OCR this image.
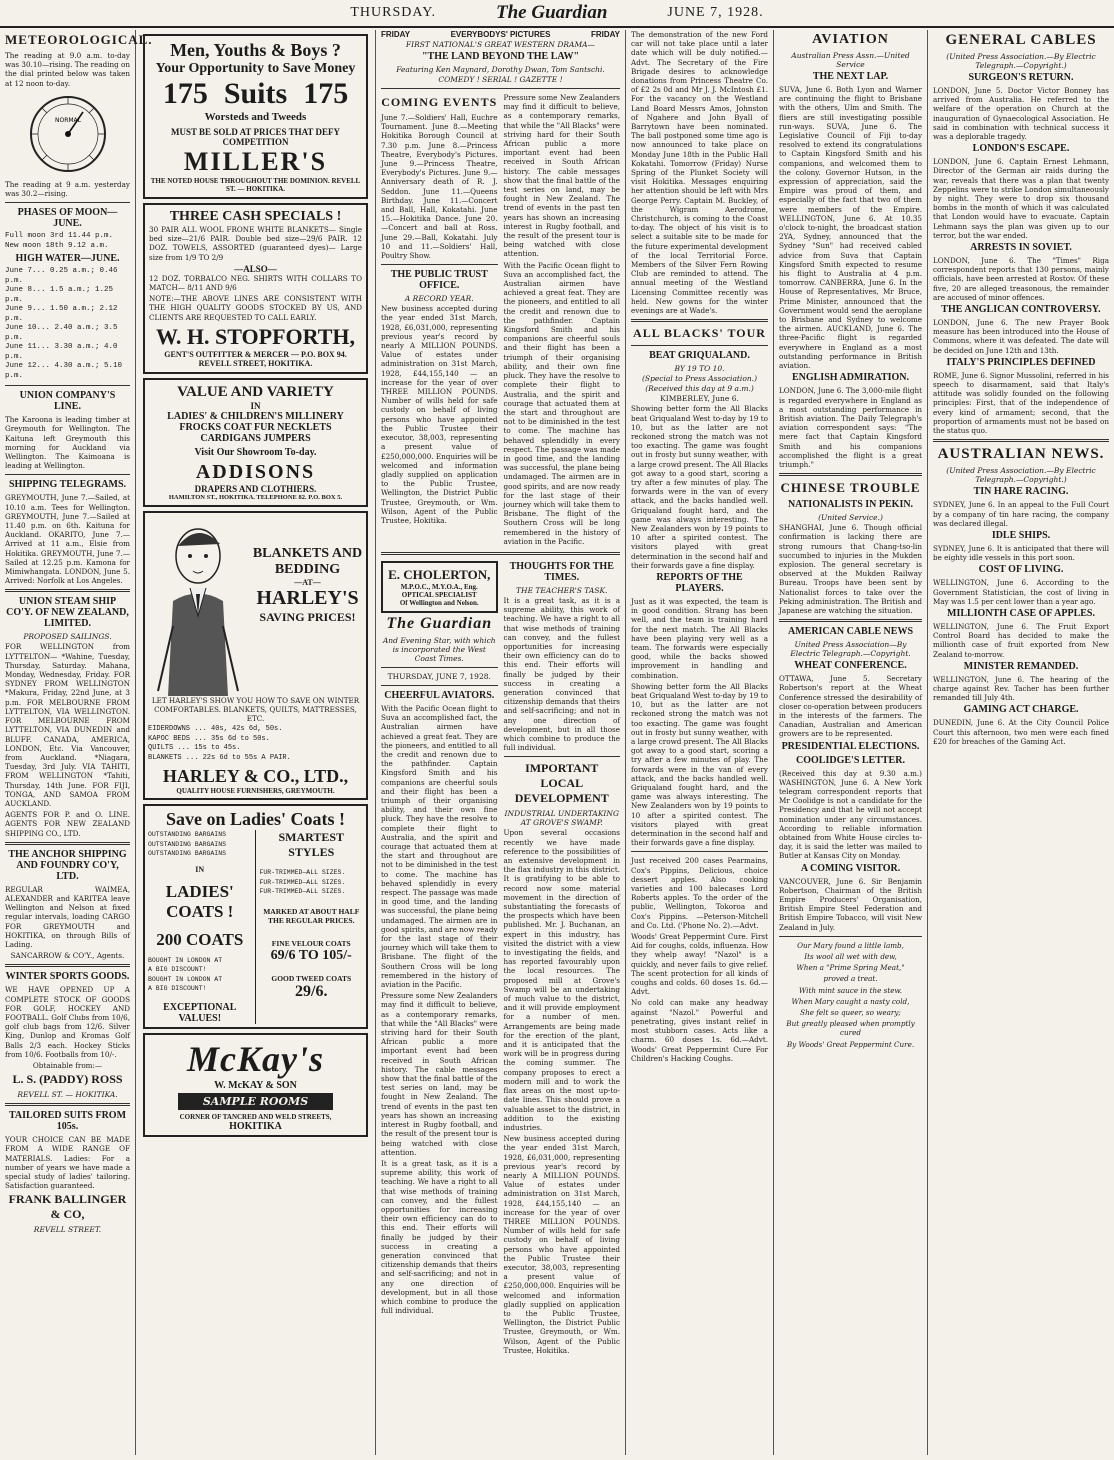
THURSDAY.	The Guardian	JUNE 7, 1928.
METEOROLOGICAL.

The reading at 9.0 a.m. to-day was 30.10—rising. The reading on the dial printed below was taken at 12 noon to-day.

NORMAL

The reading at 9 a.m. yesterday was 30.2—rising.

PHASES OF MOON—JUNE.
Full moon 3rd 11.44 p.m.
New moon 18th 9.12 a.m.
HIGH WATER—JUNE.
June 7... 0.25 a.m.; 0.46 p.m.
June 8... 1.5 a.m.; 1.25 p.m.
June 9... 1.50 a.m.; 2.12 p.m.
June 10... 2.40 a.m.; 3.5 p.m.
June 11... 3.30 a.m.; 4.0 p.m.
June 12... 4.30 a.m.; 5.10 p.m.
UNION COMPANY'S LINE.

The Karoona is leading timber at Greymouth for Wellington. The Kaituna left Greymouth this morning for Auckland via Wellington. The Kaimoana is leading at Wellington.

SHIPPING TELEGRAMS.

GREYMOUTH, June 7.—Sailed, at 10.10 a.m. Tees for Wellington. GREYMOUTH, June 7.—Sailed at 11.40 p.m. on 6th. Kaituna for Auckland. OKARITO, June 7.—Arrived at 11 a.m., Elsie from Hokitika. GREYMOUTH, June 7.—Sailed at 12.25 p.m. Kamona for Mimiwhangata. LONDON, June 5. Arrived: Norfolk at Los Angeles.

UNION STEAM SHIP CO'Y. OF NEW ZEALAND, LIMITED.
PROPOSED SAILINGS.

FOR WELLINGTON from LYTTELTON— *Wahine, Tuesday, Thursday, Saturday. Mahana, Monday, Wednesday, Friday. FOR SYDNEY FROM WELLINGTON *Makura, Friday, 22nd June, at 3 p.m. FOR MELBOURNE FROM LYTTELTON, VIA WELLINGTON. FOR MELBOURNE FROM LYTTELTON, VIA DUNEDIN and BLUFF. CANADA, AMERICA, LONDON, Etc. Via Vancouver, from Auckland. *Niagara, Tuesday, 3rd July. VIA TAHITI, FROM WELLINGTON *Tahiti, Thursday, 14th June. FOR FIJI, TONGA, AND SAMOA FROM AUCKLAND.

AGENTS FOR P. and O. LINE. AGENTS FOR NEW ZEALAND SHIPPING CO., LTD.

THE ANCHOR SHIPPING AND FOUNDRY CO'Y, LTD.

REGULAR WAIMEA, ALEXANDER and KARITEA leave Wellington and Nelson at fixed regular intervals, loading CARGO FOR GREYMOUTH and HOKITIKA, on through Bills of Lading.

SANCARROW & CO'Y., Agents.

WINTER SPORTS GOODS.

WE HAVE OPENED UP A COMPLETE STOCK OF GOODS FOR GOLF, HOCKEY AND FOOTBALL. Golf Clubs from 10/6, golf club bags from 12/6. Silver King, Dunlop and Kromas Golf Balls 2/3 each. Hockey Sticks from 10/6. Footballs from 10/-.

Obtainable from:—

L. S. (PADDY) ROSS
REVELL ST. — HOKITIKA.
TAILORED SUITS FROM 105s.

YOUR CHOICE CAN BE MADE FROM A WIDE RANGE OF MATERIALS. Ladies: For a number of years we have made a special study of ladies' tailoring. Satisfaction guaranteed.

FRANK BALLINGER & CO,
REVELL STREET.
Men, Youths & Boys ?
Your Opportunity to Save Money
175 Suits 175
Worsteds and Tweeds
MUST BE SOLD AT PRICES THAT DEFY COMPETITION
MILLER'S
THE NOTED HOUSE THROUGHOUT THE DOMINION. REVELL ST. — HOKITIKA.
THREE CASH SPECIALS !

30 PAIR ALL WOOL FRONE WHITE BLANKETS— Single bed size—21/6 PAIR. Double bed size—29/6 PAIR. 12 DOZ. TOWELS, ASSORTED (guaranteed dyes)— Large size from 1/9 TO 2/9

—ALSO—

12 DOZ. TORBALCO NEG. SHIRTS WITH COLLARS TO MATCH— 8/11 AND 9/6

NOTE:—THE ABOVE LINES ARE CONSISTENT WITH THE HIGH QUALITY GOODS STOCKED BY US, AND CLIENTS ARE REQUESTED TO CALL EARLY.

W. H. STOPFORTH,
GENT'S OUTFITTER & MERCER — P.O. BOX 94. REVELL STREET, HOKITIKA.
VALUE AND VARIETY
IN
LADIES' & CHILDREN'S MILLINERY FROCKS COAT FUR NECKLETS CARDIGANS JUMPERS
Visit Our Showroom To-day.
ADDISONS
DRAPERS AND CLOTHIERS.
HAMILTON ST., HOKITIKA. TELEPHONE 82. P.O. BOX 5.
BLANKETS AND BEDDING
—AT—
HARLEY'S
SAVING PRICES!

LET HARLEY'S SHOW YOU HOW TO SAVE ON WINTER COMFORTABLES. BLANKETS, QUILTS, MATTRESSES, ETC.

EIDERDOWNS ... 40s, 42s 6d, 50s.
KAPOC BEDS ... 35s 6d to 50s.
QUILTS ... 15s to 45s.
BLANKETS ... 22s 6d to 55s A PAIR.
HARLEY & CO., LTD.,
QUALITY HOUSE FURNISHERS, GREYMOUTH.
Save on Ladies' Coats !
OUTSTANDING BARGAINS
OUTSTANDING BARGAINS
OUTSTANDING BARGAINS
IN
LADIES' COATS !
200 COATS
BOUGHT IN LONDON AT
A BIG DISCOUNT!
BOUGHT IN LONDON AT
A BIG DISCOUNT!
EXCEPTIONAL VALUES!
SMARTEST STYLES
FUR-TRIMMED—ALL SIZES.
FUR-TRIMMED—ALL SIZES.
FUR-TRIMMED—ALL SIZES.
MARKED AT ABOUT HALF THE REGULAR PRICES.
FINE VELOUR COATS
69/6 TO 105/-
GOOD TWEED COATS
29/6.
McKay's
W. McKAY & SON
SAMPLE ROOMS
CORNER OF TANCRED AND WELD STREETS,
HOKITIKA
FRIDAY	EVERYBODYS' PICTURES	FRIDAY
FIRST NATIONAL'S GREAT WESTERN DRAMA—
"THE LAND BEYOND THE LAW"
Featuring Ken Maynard, Dorothy Dwan, Tom Santschi.
COMEDY ! SERIAL ! GAZETTE !
COMING EVENTS

June 7.—Soldiers' Hall, Euchre Tournament. June 8.—Meeting Hokitika Borough Council at 7.30 p.m. June 8.—Princess Theatre, Everybody's Pictures. June 9.—Princess Theatre, Everybody's Pictures. June 9.—Anniversary death of R. J. Seddon. June 11.—Queens Birthday. June 11.—Concert and Ball, Hall, Kokatahi. June 15.—Hokitika Dance. June 20.—Concert and ball at Ross. June 29.—Ball, Kokatahi. July 10 and 11.—Soldiers' Hall, Poultry Show.

THE PUBLIC TRUST OFFICE.
A RECORD YEAR.

New business accepted during the year ended 31st March, 1928, £6,031,000, representing previous year's record by nearly A MILLION POUNDS. Value of estates under administration on 31st March, 1928, £44,155,140 — an increase for the year of over THREE MILLION POUNDS. Number of wills held for safe custody on behalf of living persons who have appointed the Public Trustee their executor, 38,003, representing a present value of £250,000,000. Enquiries will be welcomed and information gladly supplied on application to the Public Trustee, Wellington, the District Public Trustee, Greymouth, or Wm. Wilson, Agent of the Public Trustee, Hokitika.

Pressure some New Zealanders may find it difficult to believe, as a contemporary remarks, that while the "All Blacks" were striving hard for their South African public a more important event had been received in South African history. The cable messages show that the final battle of the test series on land, may be fought in New Zealand. The trend of events in the past ten years has shown an increasing interest in Rugby football, and the result of the present tour is being watched with close attention.

With the Pacific Ocean flight to Suva an accomplished fact, the Australian airmen have achieved a great feat. They are the pioneers, and entitled to all the credit and renown due to the pathfinder. Captain Kingsford Smith and his companions are cheerful souls and their flight has been a triumph of their organising ability, and their own fine pluck. They have the resolve to complete their flight to Australia, and the spirit and courage that actuated them at the start and throughout are not to be diminished in the test to come. The machine has behaved splendidly in every respect. The passage was made in good time, and the landing was successful, the plane being undamaged. The airmen are in good spirits, and are now ready for the last stage of their journey which will take them to Brisbane. The flight of the Southern Cross will be long remembered in the history of aviation in the Pacific.

E. CHOLERTON,
M.P.O.C., M.Y.O.A., Eng. OPTICAL SPECIALIST
Of Wellington and Nelson.
The Guardian
And Evening Star, with which is incorporated the West Coast Times.
THURSDAY, JUNE 7, 1928.
CHEERFUL AVIATORS.

With the Pacific Ocean flight to Suva an accomplished fact, the Australian airmen have achieved a great feat. They are the pioneers, and entitled to all the credit and renown due to the pathfinder. Captain Kingsford Smith and his companions are cheerful souls and their flight has been a triumph of their organising ability, and their own fine pluck. They have the resolve to complete their flight to Australia, and the spirit and courage that actuated them at the start and throughout are not to be diminished in the test to come. The machine has behaved splendidly in every respect. The passage was made in good time, and the landing was successful, the plane being undamaged. The airmen are in good spirits, and are now ready for the last stage of their journey which will take them to Brisbane. The flight of the Southern Cross will be long remembered in the history of aviation in the Pacific.

Pressure some New Zealanders may find it difficult to believe, as a contemporary remarks, that while the "All Blacks" were striving hard for their South African public a more important event had been received in South African history. The cable messages show that the final battle of the test series on land, may be fought in New Zealand. The trend of events in the past ten years has shown an increasing interest in Rugby football, and the result of the present tour is being watched with close attention.

It is a great task, as it is a supreme ability, this work of teaching. We have a right to all that wise methods of training can convey, and the fullest opportunities for increasing their own efficiency can do to this end. Their efforts will finally be judged by their success in creating a generation convinced that citizenship demands that theirs and self-sacrificing; and not in any one direction of development, but in all those which combine to produce the full individual.

THOUGHTS FOR THE TIMES.
THE TEACHER'S TASK.

It is a great task, as it is a supreme ability, this work of teaching. We have a right to all that wise methods of training can convey, and the fullest opportunities for increasing their own efficiency can do to this end. Their efforts will finally be judged by their success in creating a generation convinced that citizenship demands that theirs and self-sacrificing; and not in any one direction of development, but in all those which combine to produce the full individual.

IMPORTANT LOCAL DEVELOPMENT
INDUSTRIAL UNDERTAKING AT GROVE'S SWAMP.

Upon several occasions recently we have made reference to the possibilities of an extensive development in the flax industry in this district. It is gratifying to be able to record now some material movement in the direction of substantiating the forecasts of the prospects which have been published. Mr. J. Buchanan, an expert in this industry, has visited the district with a view to investigating the fields, and has reported favourably upon the local resources. The proposed mill at Grove's Swamp will be an undertaking of much value to the district, and it will provide employment for a number of men. Arrangements are being made for the erection of the plant, and it is anticipated that the work will be in progress during the coming summer. The company proposes to erect a modern mill and to work the flax areas on the most up-to-date lines. This should prove a valuable asset to the district, in addition to the existing industries.

New business accepted during the year ended 31st March, 1928, £6,031,000, representing previous year's record by nearly A MILLION POUNDS. Value of estates under administration on 31st March, 1928, £44,155,140 — an increase for the year of over THREE MILLION POUNDS. Number of wills held for safe custody on behalf of living persons who have appointed the Public Trustee their executor, 38,003, representing a present value of £250,000,000. Enquiries will be welcomed and information gladly supplied on application to the Public Trustee, Wellington, the District Public Trustee, Greymouth, or Wm. Wilson, Agent of the Public Trustee, Hokitika.

The demonstration of the new Ford car will not take place until a later date which will be duly notified.—Advt. The Secretary of the Fire Brigade desires to acknowledge donations from Princess Theatre Co. of £2 2s 0d and Mr J. J. McIntosh £1. For the vacancy on the Westland Land Board Messrs Amos, Johnston of Ngahere and John Byall of Barrytown have been nominated. The ball postponed some time ago is now announced to take place on Monday June 18th in the Public Hall Kokatahi. Tomorrow (Friday) Nurse Spring of the Plunket Society will visit Hokitika. Messages enquiring her attention should be left with Mrs George Perry. Captain M. Buckley, of the Wigram Aerodrome, Christchurch, is coming to the Coast to-day. The object of his visit is to select a suitable site to be made for the future experimental development of the local Territorial Force. Members of the Silver Fern Rowing Club are reminded to attend. The annual meeting of the Westland Licensing Committee recently was held. New gowns for the winter evenings are at Wade's.

ALL BLACKS' TOUR
BEAT GRIQUALAND.
BY 19 TO 10.
(Special to Press Association.)
(Received this day at 9 a.m.)
KIMBERLEY, June 6.

Showing better form the All Blacks beat Griqualand West to-day by 19 to 10, but as the latter are not reckoned strong the match was not too exacting. The game was fought out in frosty but sunny weather, with a large crowd present. The All Blacks got away to a good start, scoring a try after a few minutes of play. The forwards were in the van of every attack, and the backs handled well. Griqualand fought hard, and the game was always interesting. The New Zealanders won by 19 points to 10 after a spirited contest. The visitors played with great determination in the second half and their forwards gave a fine display.

REPORTS OF THE PLAYERS.

Just as it was expected, the team is in good condition. Strang has been well, and the team is training hard for the next match. The All Blacks have been playing very well as a team. The forwards were especially good, while the backs showed improvement in handling and combination.

Showing better form the All Blacks beat Griqualand West to-day by 19 to 10, but as the latter are not reckoned strong the match was not too exacting. The game was fought out in frosty but sunny weather, with a large crowd present. The All Blacks got away to a good start, scoring a try after a few minutes of play. The forwards were in the van of every attack, and the backs handled well. Griqualand fought hard, and the game was always interesting. The New Zealanders won by 19 points to 10 after a spirited contest. The visitors played with great determination in the second half and their forwards gave a fine display.

Just received 200 cases Pearmains, Cox's Pippins, Delicious, choice dessert apples. Also cooking varieties and 100 balecases Lord Roberts apples. To the order of the public, Wellington, Tokoroa and Cox's Pippins. —Peterson-Mitchell and Co. Ltd. ('Phone No. 2).—Advt.

Woods' Great Peppermint Cure. First Aid for coughs, colds, influenza. How they whelp away! "Nazol" is a quickly, and never fails to give relief. The scent protection for all kinds of coughs and colds. 60 doses 1s. 6d.—Advt.

No cold can make any headway against "Nazol." Powerful and penetrating, gives instant relief in most stubborn cases. Acts like a charm. 60 doses 1s. 6d.—Advt. Woods' Great Peppermint Cure For Children's Hacking Coughs.

AVIATION
Australian Press Assn.—United Service
THE NEXT LAP.

SUVA, June 6. Both Lyon and Warner are continuing the flight to Brisbane with the others, Ulm and Smith. The fliers are still investigating possible run-ways. SUVA, June 6. The Legislative Council of Fiji to-day resolved to extend its congratulations to Captain Kingsford Smith and his companions, and welcomed them to the colony. Governor Hutson, in the expression of appreciation, said the Empire was proud of them, and especially of the fact that two of them were members of the Empire. WELLINGTON, June 6. At 10.35 o'clock to-night, the broadcast station 2YA, Sydney, announced that the Sydney "Sun" had received cabled advice from Suva that Captain Kingsford Smith expected to resume his flight to Australia at 4 p.m. tomorrow. CANBERRA, June 6. In the House of Representatives, Mr Bruce, Prime Minister, announced that the Government would send the aeroplane to Brisbane and Sydney to welcome the airmen. AUCKLAND, June 6. The three-Pacific flight is regarded everywhere in England as a most outstanding performance in British aviation.

ENGLISH ADMIRATION.

LONDON, June 6. The 3,000-mile flight is regarded everywhere in England as a most outstanding performance in British aviation. The Daily Telegraph's aviation correspondent says: "The mere fact that Captain Kingsford Smith and his companions accomplished the flight is a great triumph."

CHINESE TROUBLE
NATIONALISTS IN PEKIN.
(United Service.)

SHANGHAI, June 6. Though official confirmation is lacking there are strong rumours that Chang-tso-lin succumbed to injuries in the Mukden explosion. The general secretary is observed at the Mukden Railway Bureau. Troops have been sent by Nationalist forces to take over the Peking administration. The British and Japanese are watching the situation.

AMERICAN CABLE NEWS
United Press Association—By Electric Telegraph.—Copyright.
WHEAT CONFERENCE.

OTTAWA, June 5. Secretary Robertson's report at the Wheat Conference stressed the desirability of closer co-operation between producers in the interests of the farmers. The Canadian, Australian and American growers are to be represented.

PRESIDENTIAL ELECTIONS.
COOLIDGE'S LETTER.

(Received this day at 9.30 a.m.) WASHINGTON, June 6. A New York telegram correspondent reports that Mr Coolidge is not a candidate for the Presidency and that he will not accept nomination under any circumstances. According to reliable information obtained from White House circles to-day, it is said the letter was mailed to Butler at Kansas City on Monday.

A COMING VISITOR.

VANCOUVER, June 6. Sir Benjamin Robertson, Chairman of the British Empire Producers' Organisation, British Empire Steel Federation and British Empire Tobacco, will visit New Zealand in July.

Our Mary found a little lamb,
Its wool all wet with dew,
When a "Prime Spring Meat,"
proved a treat.
With mint sauce in the stew.
When Mary caught a nasty cold,
She felt so queer, so weary;
But greatly pleased when promptly cured
By Woods' Great Peppermint Cure.
GENERAL CABLES
(United Press Association.—By Electric Telegraph.—Copyright.)
SURGEON'S RETURN.

LONDON, June 5. Doctor Victor Bonney has arrived from Australia. He referred to the welfare of the operation on Church at the inauguration of Gynaecological Association. He said in combination with technical success it was a deplorable tragedy.

LONDON'S ESCAPE.

LONDON, June 6. Captain Ernest Lehmann, Director of the German air raids during the war, reveals that there was a plan that twenty Zeppelins were to strike London simultaneously by night. They were to drop six thousand bombs in the month of which it was calculated that London would have to evacuate. Captain Lehmann says the plan was given up to our terror, but the war ended.

ARRESTS IN SOVIET.

LONDON, June 6. The "Times" Riga correspondent reports that 130 persons, mainly officials, have been arrested at Rostov. Of these five, 20 are alleged treasonous, the remainder are accused of minor offences.

THE ANGLICAN CONTROVERSY.

LONDON, June 6. The new Prayer Book measure has been introduced into the House of Commons, where it was defeated. The date will be decided on June 12th and 13th.

ITALY'S PRINCIPLES DEFINED

ROME, June 6. Signor Mussolini, referred in his speech to disarmament, said that Italy's attitude was solidly founded on the following principles: First, that of the independence of every kind of armament; second, that the proportion of armaments must not be based on the status quo.

AUSTRALIAN NEWS.
(United Press Association.—By Electric Telegraph.—Copyright.)
TIN HARE RACING.

SYDNEY, June 6. In an appeal to the Full Court by a company of tin hare racing, the company was declared illegal.

IDLE SHIPS.

SYDNEY, June 6. It is anticipated that there will be eighty idle vessels in this port soon.

COST OF LIVING.

WELLINGTON, June 6. According to the Government Statistician, the cost of living in May was 1.5 per cent lower than a year ago.

MILLIONTH CASE OF APPLES.

WELLINGTON, June 6. The Fruit Export Control Board has decided to make the millionth case of fruit exported from New Zealand to-morrow.

MINISTER REMANDED.

WELLINGTON, June 6. The hearing of the charge against Rev. Tacher has been further remanded till July 4th.

GAMING ACT CHARGE.

DUNEDIN, June 6. At the City Council Police Court this afternoon, two men were each fined £20 for breaches of the Gaming Act.
